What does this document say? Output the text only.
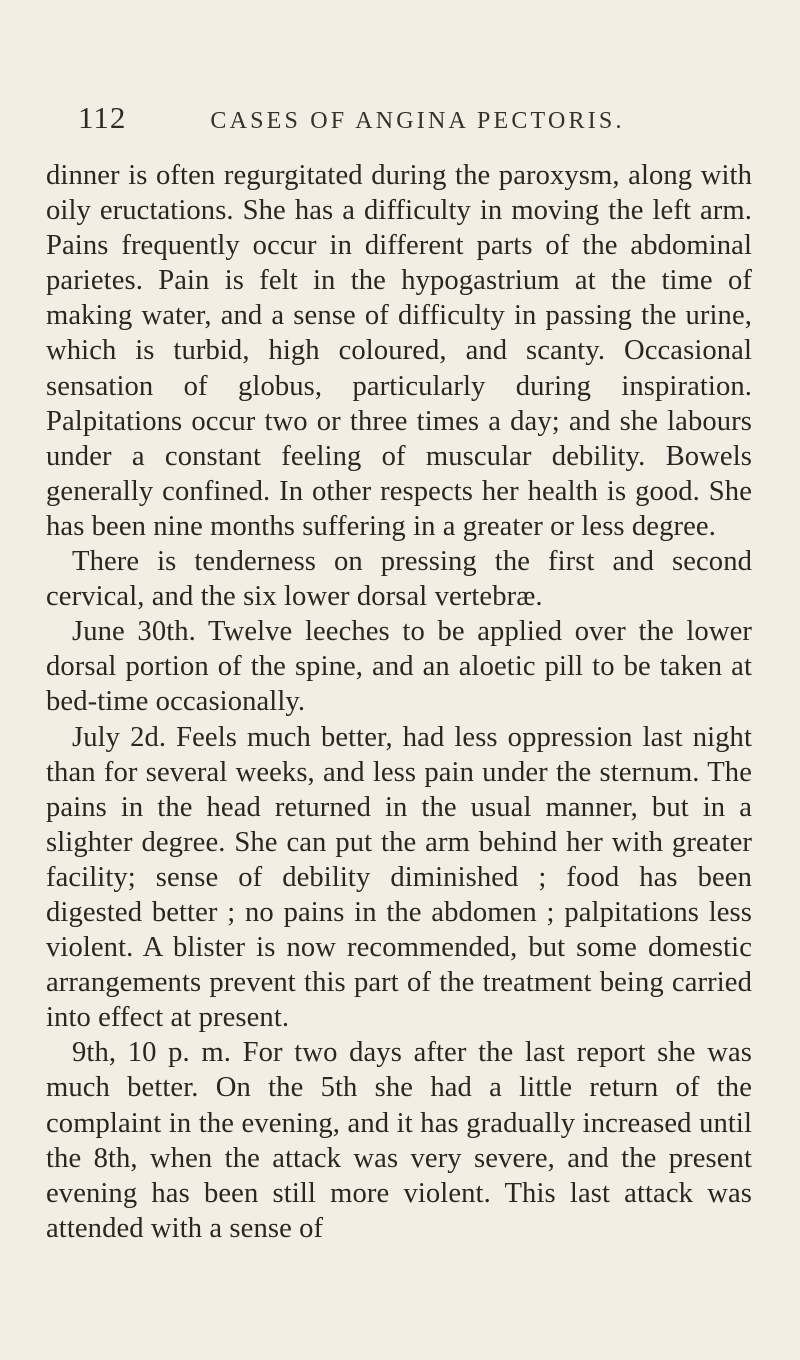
112	CASES OF ANGINA PECTORIS.

dinner is often regurgitated during the paroxysm, along with oily eructations. She has a difficulty in moving the left arm. Pains frequently occur in different parts of the abdominal parietes. Pain is felt in the hypogastrium at the time of making water, and a sense of difficulty in passing the urine, which is turbid, high coloured, and scanty. Occasional sensation of globus, particularly during inspiration. Palpitations occur two or three times a day; and she labours under a constant feeling of muscular debility. Bowels generally confined. In other respects her health is good. She has been nine months suffering in a greater or less degree.

There is tenderness on pressing the first and second cervical, and the six lower dorsal vertebræ.

June 30th. Twelve leeches to be applied over the lower dorsal portion of the spine, and an aloetic pill to be taken at bed-time occasionally.

July 2d. Feels much better, had less oppression last night than for several weeks, and less pain under the sternum. The pains in the head returned in the usual manner, but in a slighter degree. She can put the arm behind her with greater facility; sense of debility diminished ; food has been digested better ; no pains in the abdomen ; palpitations less violent. A blister is now recommended, but some domestic arrangements prevent this part of the treatment being carried into effect at present.

9th, 10 p. m. For two days after the last report she was much better. On the 5th she had a little return of the complaint in the evening, and it has gradually increased until the 8th, when the attack was very severe, and the present evening has been still more violent. This last attack was attended with a sense of
